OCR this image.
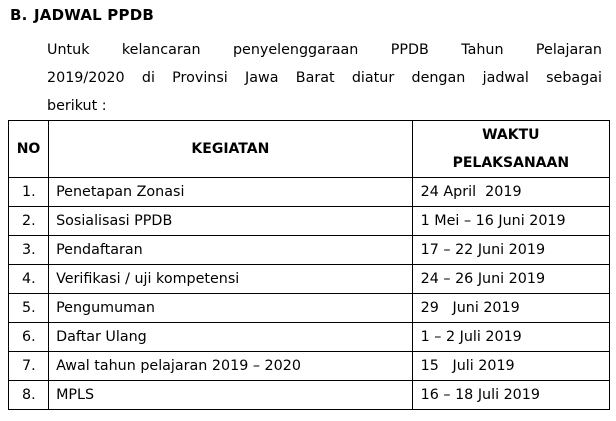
B. JADWAL PPDB
Untuk kelancaran penyelenggaraan PPDB Tahun Pelajaran
2019/2020 di Provinsi Jawa Barat diatur dengan jadwal sebagai
berikut :
NO	KEGIATAN	WAKTU
PELAKSANAAN

1.	Penetapan Zonasi	24 April  2019
2.	Sosialisasi PPDB	1 Mei – 16 Juni 2019
3.	Pendaftaran	17 – 22 Juni 2019
4.	Verifikasi / uji kompetensi	24 – 26 Juni 2019
5.	Pengumuman	29   Juni 2019
6.	Daftar Ulang	1 – 2 Juli 2019
7.	Awal tahun pelajaran 2019 – 2020	15   Juli 2019
8.	MPLS	16 – 18 Juli 2019
